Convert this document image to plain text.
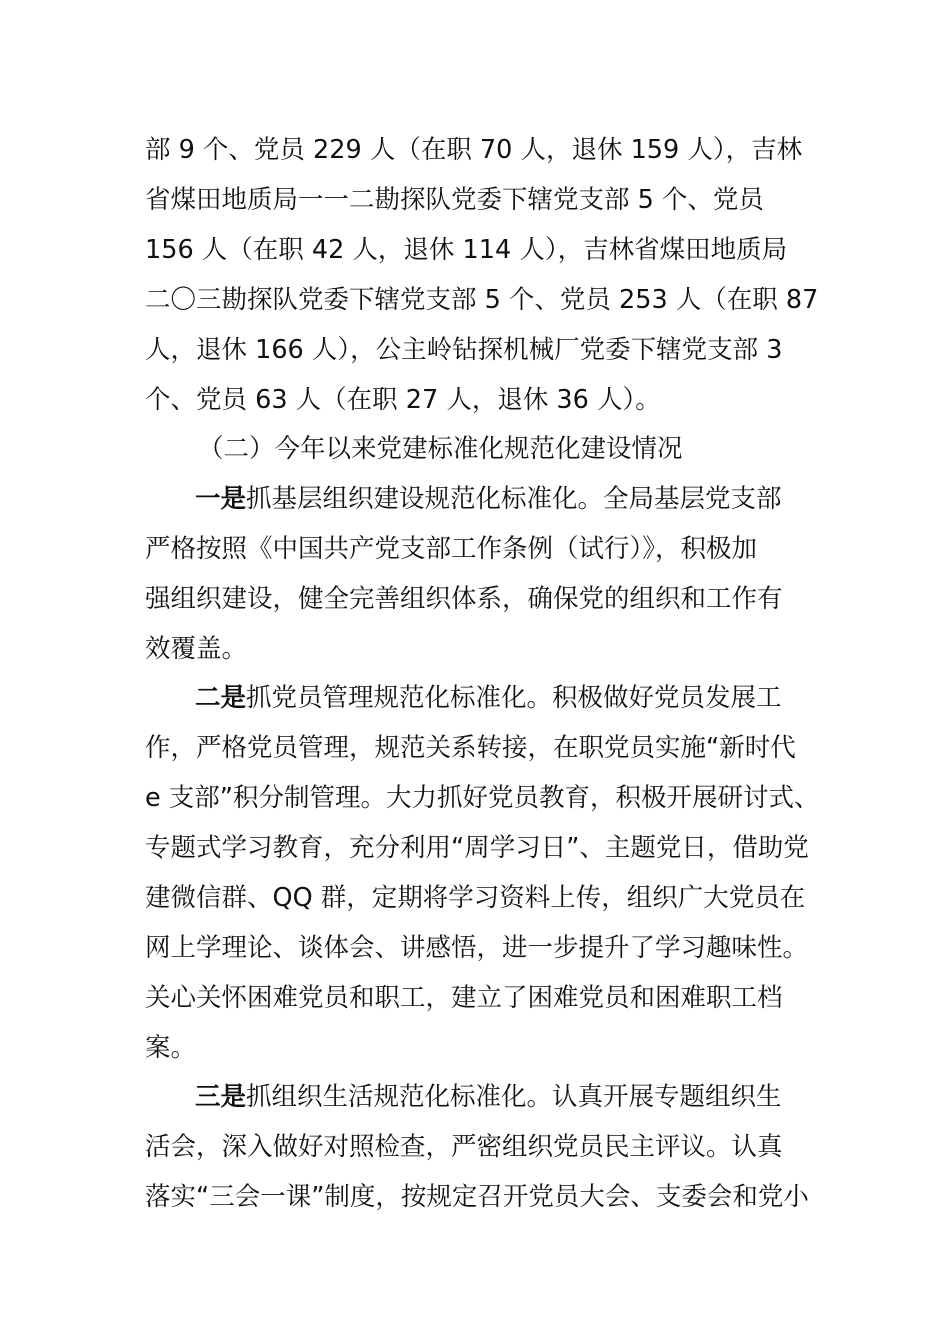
部 9 个、党员 229 人（在职 70 人，退休 159 人），吉林
省煤田地质局一一二勘探队党委下辖党支部 5 个、党员
156 人（在职 42 人，退休 114 人），吉林省煤田地质局
二〇三勘探队党委下辖党支部 5 个、党员 253 人（在职 87
人，退休 166 人），公主岭钻探机械厂党委下辖党支部 3
个、党员 63 人（在职 27 人，退休 36 人）。
（二）今年以来党建标准化规范化建设情况
一是抓基层组织建设规范化标准化。全局基层党支部
严格按照《中国共产党支部工作条例（试行）》，积极加
强组织建设，健全完善组织体系，确保党的组织和工作有
效覆盖。
二是抓党员管理规范化标准化。积极做好党员发展工
作，严格党员管理，规范关系转接，在职党员实施“新时代
e 支部”积分制管理。大力抓好党员教育，积极开展研讨式、
专题式学习教育，充分利用“周学习日”、主题党日，借助党
建微信群、QQ 群，定期将学习资料上传，组织广大党员在
网上学理论、谈体会、讲感悟，进一步提升了学习趣味性。
关心关怀困难党员和职工，建立了困难党员和困难职工档
案。
三是抓组织生活规范化标准化。认真开展专题组织生
活会，深入做好对照检查，严密组织党员民主评议。认真
落实“三会一课”制度，按规定召开党员大会、支委会和党小
